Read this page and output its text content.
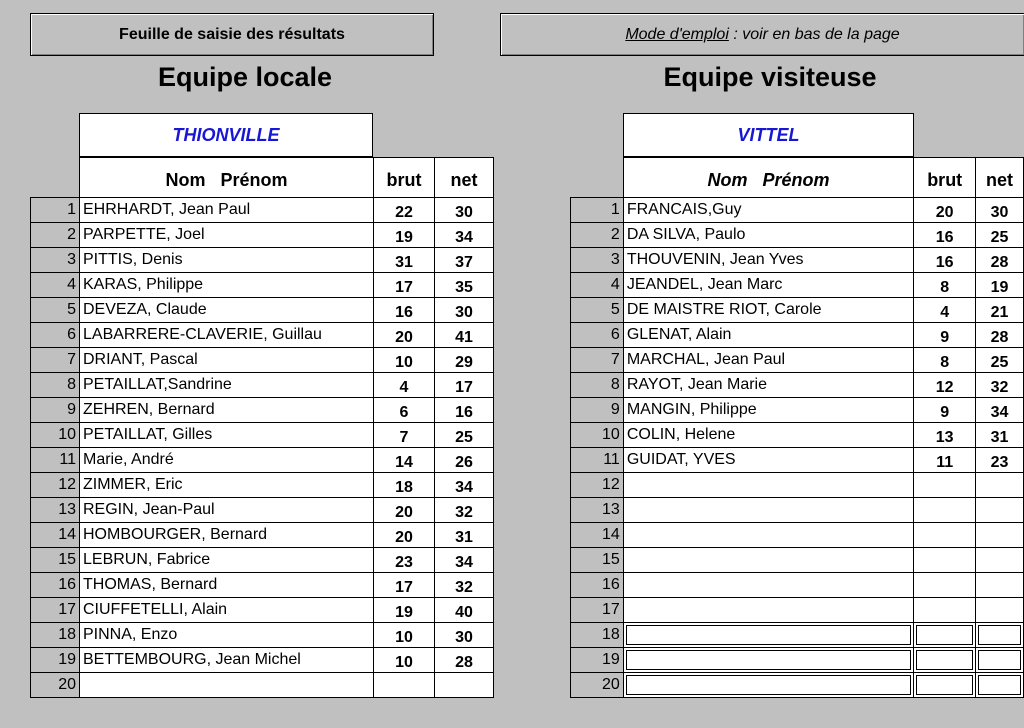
Feuille de saisie des résultats	Mode d'emploi : voir en bas de la page
Equipe locale	Equipe visiteuse
THIONVILLE	VITTEL
	Nom   Prénom	brut	net
1	EHRHARDT, Jean Paul	22	30
2	PARPETTE, Joel	19	34
3	PITTIS, Denis	31	37
4	KARAS, Philippe	17	35
5	DEVEZA, Claude	16	30
6	LABARRERE-CLAVERIE, Guillau	20	41
7	DRIANT, Pascal	10	29
8	PETAILLAT,Sandrine	4	17
9	ZEHREN, Bernard	6	16
10	PETAILLAT, Gilles	7	25
11	Marie, André	14	26
12	ZIMMER, Eric	18	34
13	REGIN, Jean-Paul	20	32
14	HOMBOURGER, Bernard	20	31
15	LEBRUN, Fabrice	23	34
16	THOMAS, Bernard	17	32
17	CIUFFETELLI, Alain	19	40
18	PINNA, Enzo	10	30
19	BETTEMBOURG, Jean Michel	10	28
20			
	Nom   Prénom	brut	net
1	FRANCAIS,Guy	20	30
2	DA SILVA, Paulo	16	25
3	THOUVENIN, Jean Yves	16	28
4	JEANDEL, Jean Marc	8	19
5	DE MAISTRE RIOT, Carole	4	21
6	GLENAT, Alain	9	28
7	MARCHAL, Jean Paul	8	25
8	RAYOT, Jean Marie	12	32
9	MANGIN, Philippe	9	34
10	COLIN, Helene	13	31
11	GUIDAT, YVES	11	23
12			
13			
14			
15			
16			
17			
18	

19	

20	
